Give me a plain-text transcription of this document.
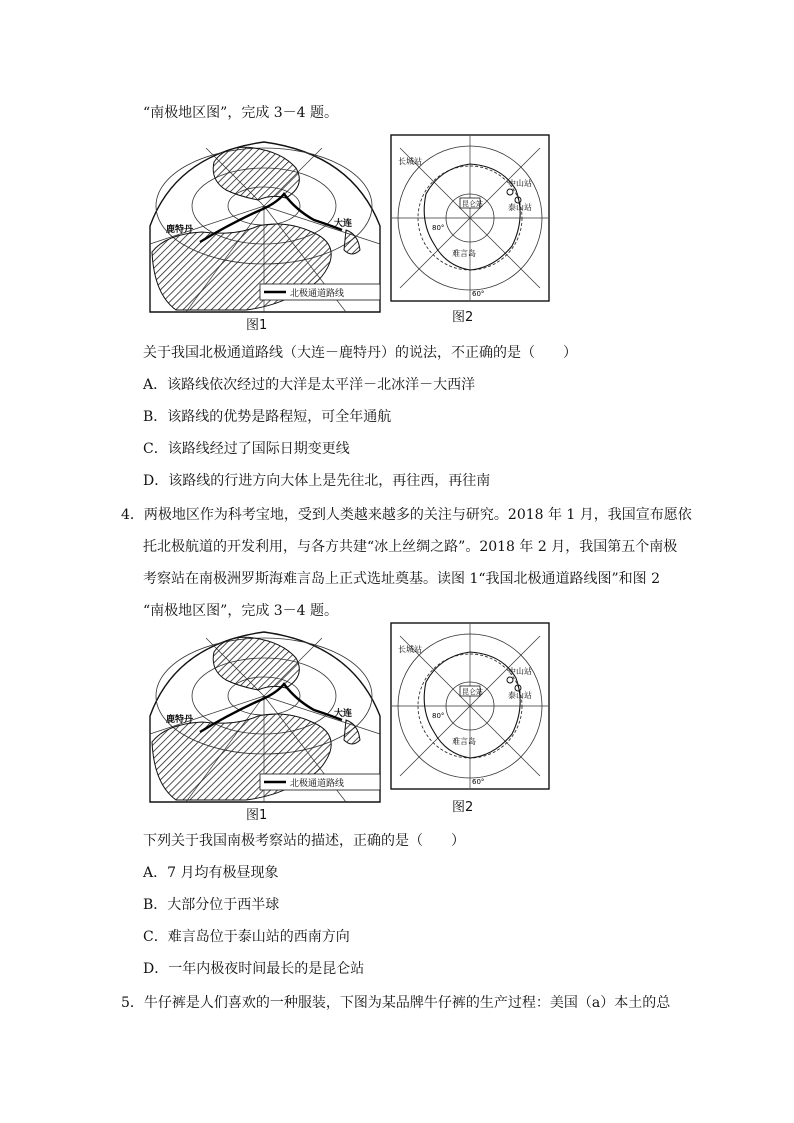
“南极地区图”，完成 3－4 题。
北极通道路线
鹿特丹
大连
图1
昆仑站
长城站
中山站
泰山站
难言岛
80°
60°
图2
关于我国北极通道路线（大连－鹿特丹）的说法，不正确的是（　　）
A．该路线依次经过的大洋是太平洋－北冰洋－大西洋
B．该路线的优势是路程短，可全年通航
C．该路线经过了国际日期变更线
D．该路线的行进方向大体上是先往北，再往西，再往南
4．两极地区作为科考宝地，受到人类越来越多的关注与研究。2018 年 1 月，我国宣布愿依
托北极航道的开发利用，与各方共建“冰上丝绸之路”。2018 年 2 月，我国第五个南极
考察站在南极洲罗斯海难言岛上正式选址奠基。读图 1“我国北极通道路线图”和图 2
“南极地区图”，完成 3－4 题。
北极通道路线
鹿特丹
大连
图1
昆仑站
长城站
中山站
泰山站
难言岛
80°
60°
图2
下列关于我国南极考察站的描述，正确的是（　　）
A．7 月均有极昼现象
B．大部分位于西半球
C．难言岛位于泰山站的西南方向
D．一年内极夜时间最长的是昆仑站
5．牛仔裤是人们喜欢的一种服装，下图为某品牌牛仔裤的生产过程：美国（a）本土的总
